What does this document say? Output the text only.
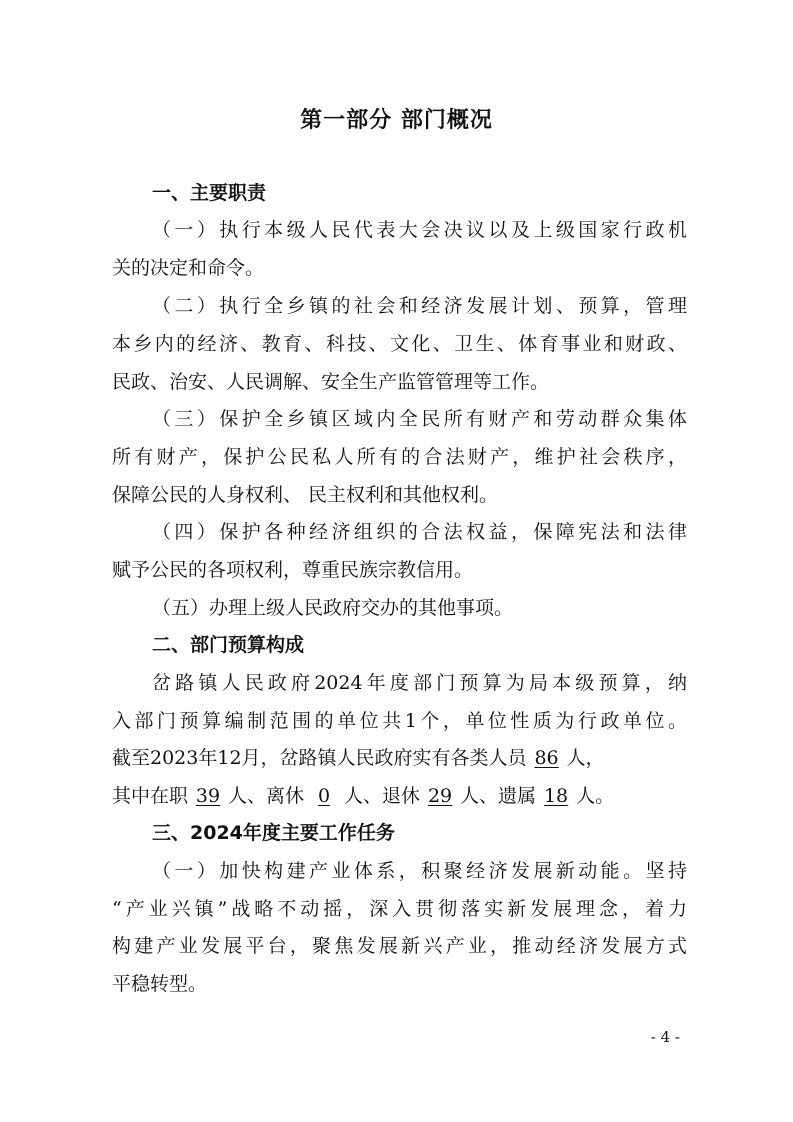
第一部分 部门概况
一、主要职责
（一）执行本级人民代表大会决议以及上级国家行政机
关的决定和命令。
（二）执行全乡镇的社会和经济发展计划、预算，管理
本乡内的经济、教育、科技、文化、卫生、体育事业和财政、
民政、治安、人民调解、安全生产监管管理等工作。
（三）保护全乡镇区域内全民所有财产和劳动群众集体
所有财产，保护公民私人所有的合法财产，维护社会秩序，
保障公民的人身权利、 民主权利和其他权利。
（四）保护各种经济组织的合法权益，保障宪法和法律
赋予公民的各项权利，尊重民族宗教信用。
（五）办理上级人民政府交办的其他事项。
二、部门预算构成
岔路镇人民政府2024年度部门预算为局本级预算，纳
入部门预算编制范围的单位共1个，单位性质为行政单位。
截至2023年12月，岔路镇人民政府实有各类人员 86 人，
其中在职 39 人、离休 0 人、退休 29 人、遗属 18 人。
三、2024年度主要工作任务
（一）加快构建产业体系，积聚经济发展新动能。坚持
“产业兴镇”战略不动摇，深入贯彻落实新发展理念，着力
构建产业发展平台，聚焦发展新兴产业，推动经济发展方式
平稳转型。
- 4 -
